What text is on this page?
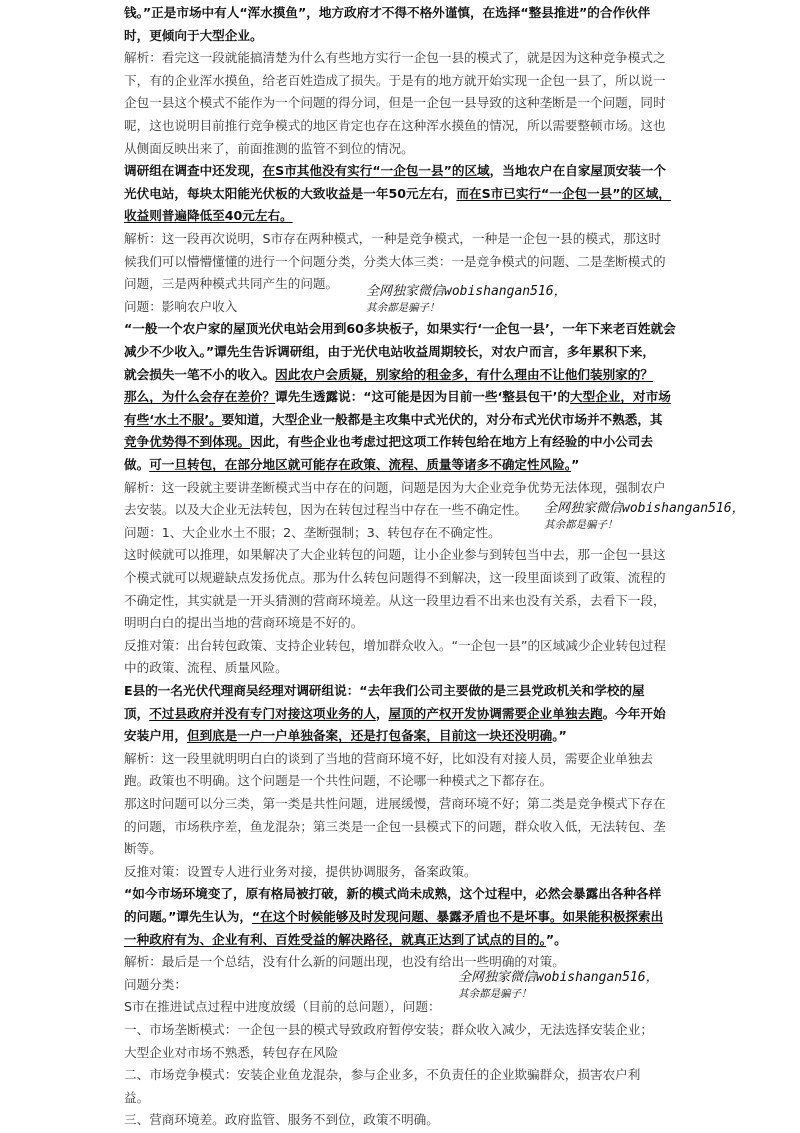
钱。”正是市场中有人“浑水摸鱼”，地方政府才不得不格外谨慎，在选择“整县推进”的合作伙伴
时，更倾向于大型企业。
解析：看完这一段就能搞清楚为什么有些地方实行一企包一县的模式了，就是因为这种竞争模式之
下，有的企业浑水摸鱼，给老百姓造成了损失。于是有的地方就开始实现一企包一县了，所以说一
企包一县这个模式不能作为一个问题的得分词，但是一企包一县导致的这种垄断是一个问题，同时
呢，这也说明目前推行竞争模式的地区肯定也存在这种浑水摸鱼的情况，所以需要整顿市场。这也
从侧面反映出来了，前面推测的监管不到位的情况。
调研组在调查中还发现，在S市其他没有实行“一企包一县”的区域，当地农户在自家屋顶安装一个
光伏电站，每块太阳能光伏板的大致收益是一年50元左右，而在S市已实行“一企包一县”的区域，
收益则普遍降低至40元左右。
解析：这一段再次说明，S市存在两种模式，一种是竞争模式，一种是一企包一县的模式，那这时
候我们可以懵懵懂懂的进行一个问题分类，分类大体三类：一是竞争模式的问题、二是垄断模式的
问题，三是两种模式共同产生的问题。
问题：影响农户收入
“一般一个农户家的屋顶光伏电站会用到60多块板子，如果实行‘一企包一县’，一年下来老百姓就会
减少不少收入。”谭先生告诉调研组，由于光伏电站收益周期较长，对农户而言，多年累积下来，
就会损失一笔不小的收入。因此农户会质疑，别家给的租金多，有什么理由不让他们装别家的？
那么，为什么会存在差价？谭先生透露说：“这可能是因为目前一些‘整县包干’的大型企业，对市场
有些‘水土不服’。要知道，大型企业一般都是主攻集中式光伏的，对分布式光伏市场并不熟悉，其
竞争优势得不到体现。因此，有些企业也考虑过把这项工作转包给在地方上有经验的中小公司去
做。可一旦转包，在部分地区就可能存在政策、流程、质量等诸多不确定性风险。”
解析：这一段就主要讲垄断模式当中存在的问题，问题是因为大企业竞争优势无法体现，强制农户
去安装。以及大企业无法转包，因为在转包过程当中存在一些不确定性。
问题：1、大企业水土不服；2、垄断强制；3、转包存在不确定性。
这时候就可以推理，如果解决了大企业转包的问题，让小企业参与到转包当中去，那一企包一县这
个模式就可以规避缺点发扬优点。那为什么转包问题得不到解决，这一段里面谈到了政策、流程的
不确定性，其实就是一开头猜测的营商环境差。从这一段里边看不出来也没有关系，去看下一段，
明明白白的提出当地的营商环境是不好的。
反推对策：出台转包政策、支持企业转包，增加群众收入。“一企包一县”的区域减少企业转包过程
中的政策、流程、质量风险。
E县的一名光伏代理商吴经理对调研组说：“去年我们公司主要做的是三县党政机关和学校的屋
顶，不过县政府并没有专门对接这项业务的人，屋顶的产权开发协调需要企业单独去跑。今年开始
安装户用，但到底是一户一户单独备案，还是打包备案，目前这一块还没明确。”
解析：这一段里就明明白白的谈到了当地的营商环境不好，比如没有对接人员，需要企业单独去
跑。政策也不明确。这个问题是一个共性问题，不论哪一种模式之下都存在。
那这时问题可以分三类，第一类是共性问题，进展缓慢，营商环境不好；第二类是竞争模式下存在
的问题，市场秩序差，鱼龙混杂；第三类是一企包一县模式下的问题，群众收入低，无法转包、垄
断等。
反推对策：设置专人进行业务对接，提供协调服务，备案政策。
“如今市场环境变了，原有格局被打破，新的模式尚未成熟，这个过程中，必然会暴露出各种各样
的问题。”谭先生认为，“在这个时候能够及时发现问题、暴露矛盾也不是坏事。如果能积极探索出
一种政府有为、企业有利、百姓受益的解决路径，就真正达到了试点的目的。”。
解析：最后是一个总结，没有什么新的问题出现，也没有给出一些明确的对策。
问题分类：
S市在推进试点过程中进度放缓（目前的总问题），问题：
一、市场垄断模式：一企包一县的模式导致政府暂停安装；群众收入减少，无法选择安装企业；
大型企业对市场不熟悉，转包存在风险
二、市场竞争模式：安装企业鱼龙混杂，参与企业多，不负责任的企业欺骗群众，损害农户利
益。
三、营商环境差。政府监管、服务不到位，政策不明确。
全网独家微信wobishangan516，
其余都是骗子！
全网独家微信wobishangan516，
其余都是骗子！
全网独家微信wobishangan516，
其余都是骗子！
